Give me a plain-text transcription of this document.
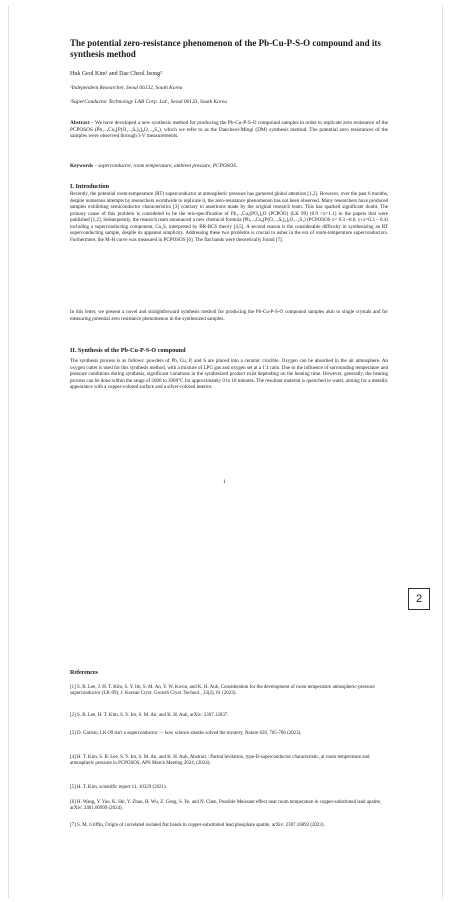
The potential zero-resistance phenomenon of the Pb-Cu-P-S-O compound and its synthesis method
Huk Geol Kim¹ and Dae Cheol Jeong²
¹Independent Researcher, Seoul 06132, South Korea
²SuperConductor Technology LAB Corp. Ltd., Seoul 06133, South Korea
Abstract – We have developed a new synthesis method for producing the Pb-Cu-P-S-O compound samples in order to replicate zero resistance of the PCPOSOS (Pb₁₋ₓCuₓ[P(O₁₋ᵧSᵧ)₄]₆O₁₋₂S₂), which we refer to as the Daecheol-Mingi (DM) synthesis method. The potential zero resistances of the samples were observed through I-V measurements.
Keywords – superconductor, room temperature, ambient pressure, PCPOSOS.
I. Introduction
Recently, the potential room-temperature (RT) superconductor at atmospheric pressure has garnered global attention [1,2]. However, over the past 6 months, despite numerous attempts by researchers worldwide to replicate it, the zero-resistance phenomenon has not been observed. Many researchers have produced samples exhibiting semiconductor characteristics [3] contrary to assertions made by the original research team. This has sparked significant doubt. The primary cause of this problem is considered to be the mis-specification of Pb₁₋ₓCuₓ(PO₄)₆O (PCPOO) (LK 99) (0.9 <x<1.1) in the papers that were published [1,2]. Subsequently, the research team announced a new chemical formula (Pb₁₋ₓCuₓ[P(O₁₋ᵧSᵧ)₄]₆O₁₋₂S₂) (PCPOSOS x= 0.3 ~0.6, y+z=0.3 ~ 0.4) including a superconducting component, Cu₂S, interpreted by BR-BCS theory [4,5]. A second reason is the considerable difficulty in synthesizing an RT superconducting sample, despite its apparent simplicity. Addressing these two problems is crucial to usher in the era of room-temperature superconductors. Furthermore, the M-H curve was measured in PCPOSOS [6]. The flat bands were theoretically found [7].
In this letter, we present a novel and straightforward synthesis method for producing the Pb-Cu-P-S-O compound samples akin to single crystals and for measuring potential zero resistance phenomenon in the synthesized samples.
II. Synthesis of the Pb-Cu-P-S-O compound
The synthesis process is as follows: powders of Pb, Cu, P, and S are placed into a ceramic crucible. Oxygen can be absorbed in the air atmosphere. An oxygen cutter is used for this synthesis method, with a mixture of LPG gas and oxygen set at a 1:1 ratio. Due to the influence of surrounding temperature and pressure conditions during synthesis, significant variations in the synthesized product exist depending on the heating time. However, generally, the heating process can be done within the range of 2000 to 3000°C for approximately 0 to 10 minutes. The resultant material is quenched in water, aiming for a metallic appearance with a copper-colored surface and a silver-colored interior.
1
2
References
[1] S. B. Lee, J. H. T. Kim, S. Y. Im, S. M. An, Y. W. Kwon, and K. H. Auh, Consideration for the development of room temperature atmospheric-pressure superconductor (LK-99), J. Korean Cryst. Growth Cryst. Technol., 33(2), 61 (2023).
[2] S. B. Lee, H. T. Kim, S. Y. Im, S. M. An, and K. H. Auh, arXiv: 2307.12037.
[3] D. Garisto, LK-99 isn't a superconductor — how science sleuths solved the mystery, Nature 620, 705-706 (2023).
[4] H. T. Kim, S. B. Lee, S. Y. Im, S. M. An, and K. H. Auh, Abstract : Partial levitation, type-II-superconductor characteristic, at room temperature and atmospheric pressure in PCPOSOS, APS March Meeting 2024, (2024).
[5] H. T. Kim, scientific report 11, 10329 (2021).
[6] H. Wang, Y. Yao, K. Shi, Y. Zhao, H. Wu, Z. Geng, S. Ye, and N. Chen, Possible Meissner effect near room temperature in copper-substituted lead apatite, arXiv: 2401.00999 (2024).
[7] S. M. Griffin, Origin of correlated isolated flat bands in copper-substituted lead phosphate apatite, arXiv: 2307.16892 (2023).
